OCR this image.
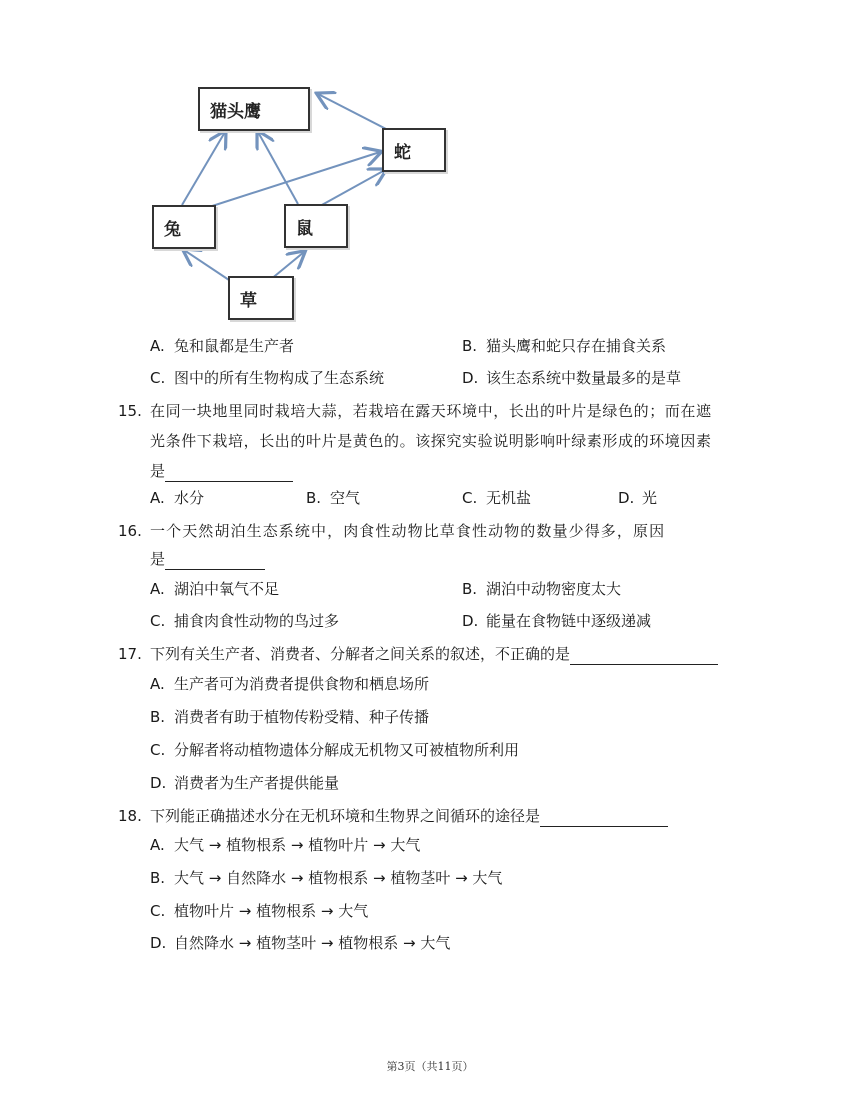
猫头鹰
蛇
兔	鼠
草
A. 兔和鼠都是生产者	B. 猫头鹰和蛇只存在捕食关系
C. 图中的所有生物构成了生态系统	D. 该生态系统中数量最多的是草
15. 在同一块地里同时栽培大蒜，若栽培在露天环境中，长出的叶片是绿色的；而在遮
光条件下栽培，长出的叶片是黄色的。该探究实验说明影响叶绿素形成的环境因素
是
A. 水分	B. 空气	C. 无机盐	D. 光
16. 一个天然胡泊生态系统中，肉食性动物比草食性动物的数量少得多，原因
是
A. 湖泊中氧气不足	B. 湖泊中动物密度太大
C. 捕食肉食性动物的鸟过多	D. 能量在食物链中逐级递减
17. 下列有关生产者、消费者、分解者之间关系的叙述，不正确的是
A. 生产者可为消费者提供食物和栖息场所
B. 消费者有助于植物传粉受精、种子传播
C. 分解者将动植物遗体分解成无机物又可被植物所利用
D. 消费者为生产者提供能量
18. 下列能正确描述水分在无机环境和生物界之间循环的途径是
A. 大气 → 植物根系 → 植物叶片 → 大气
B. 大气 → 自然降水 → 植物根系 → 植物茎叶 → 大气
C. 植物叶片 → 植物根系 → 大气
D. 自然降水 → 植物茎叶 → 植物根系 → 大气
第3页（共11页）
